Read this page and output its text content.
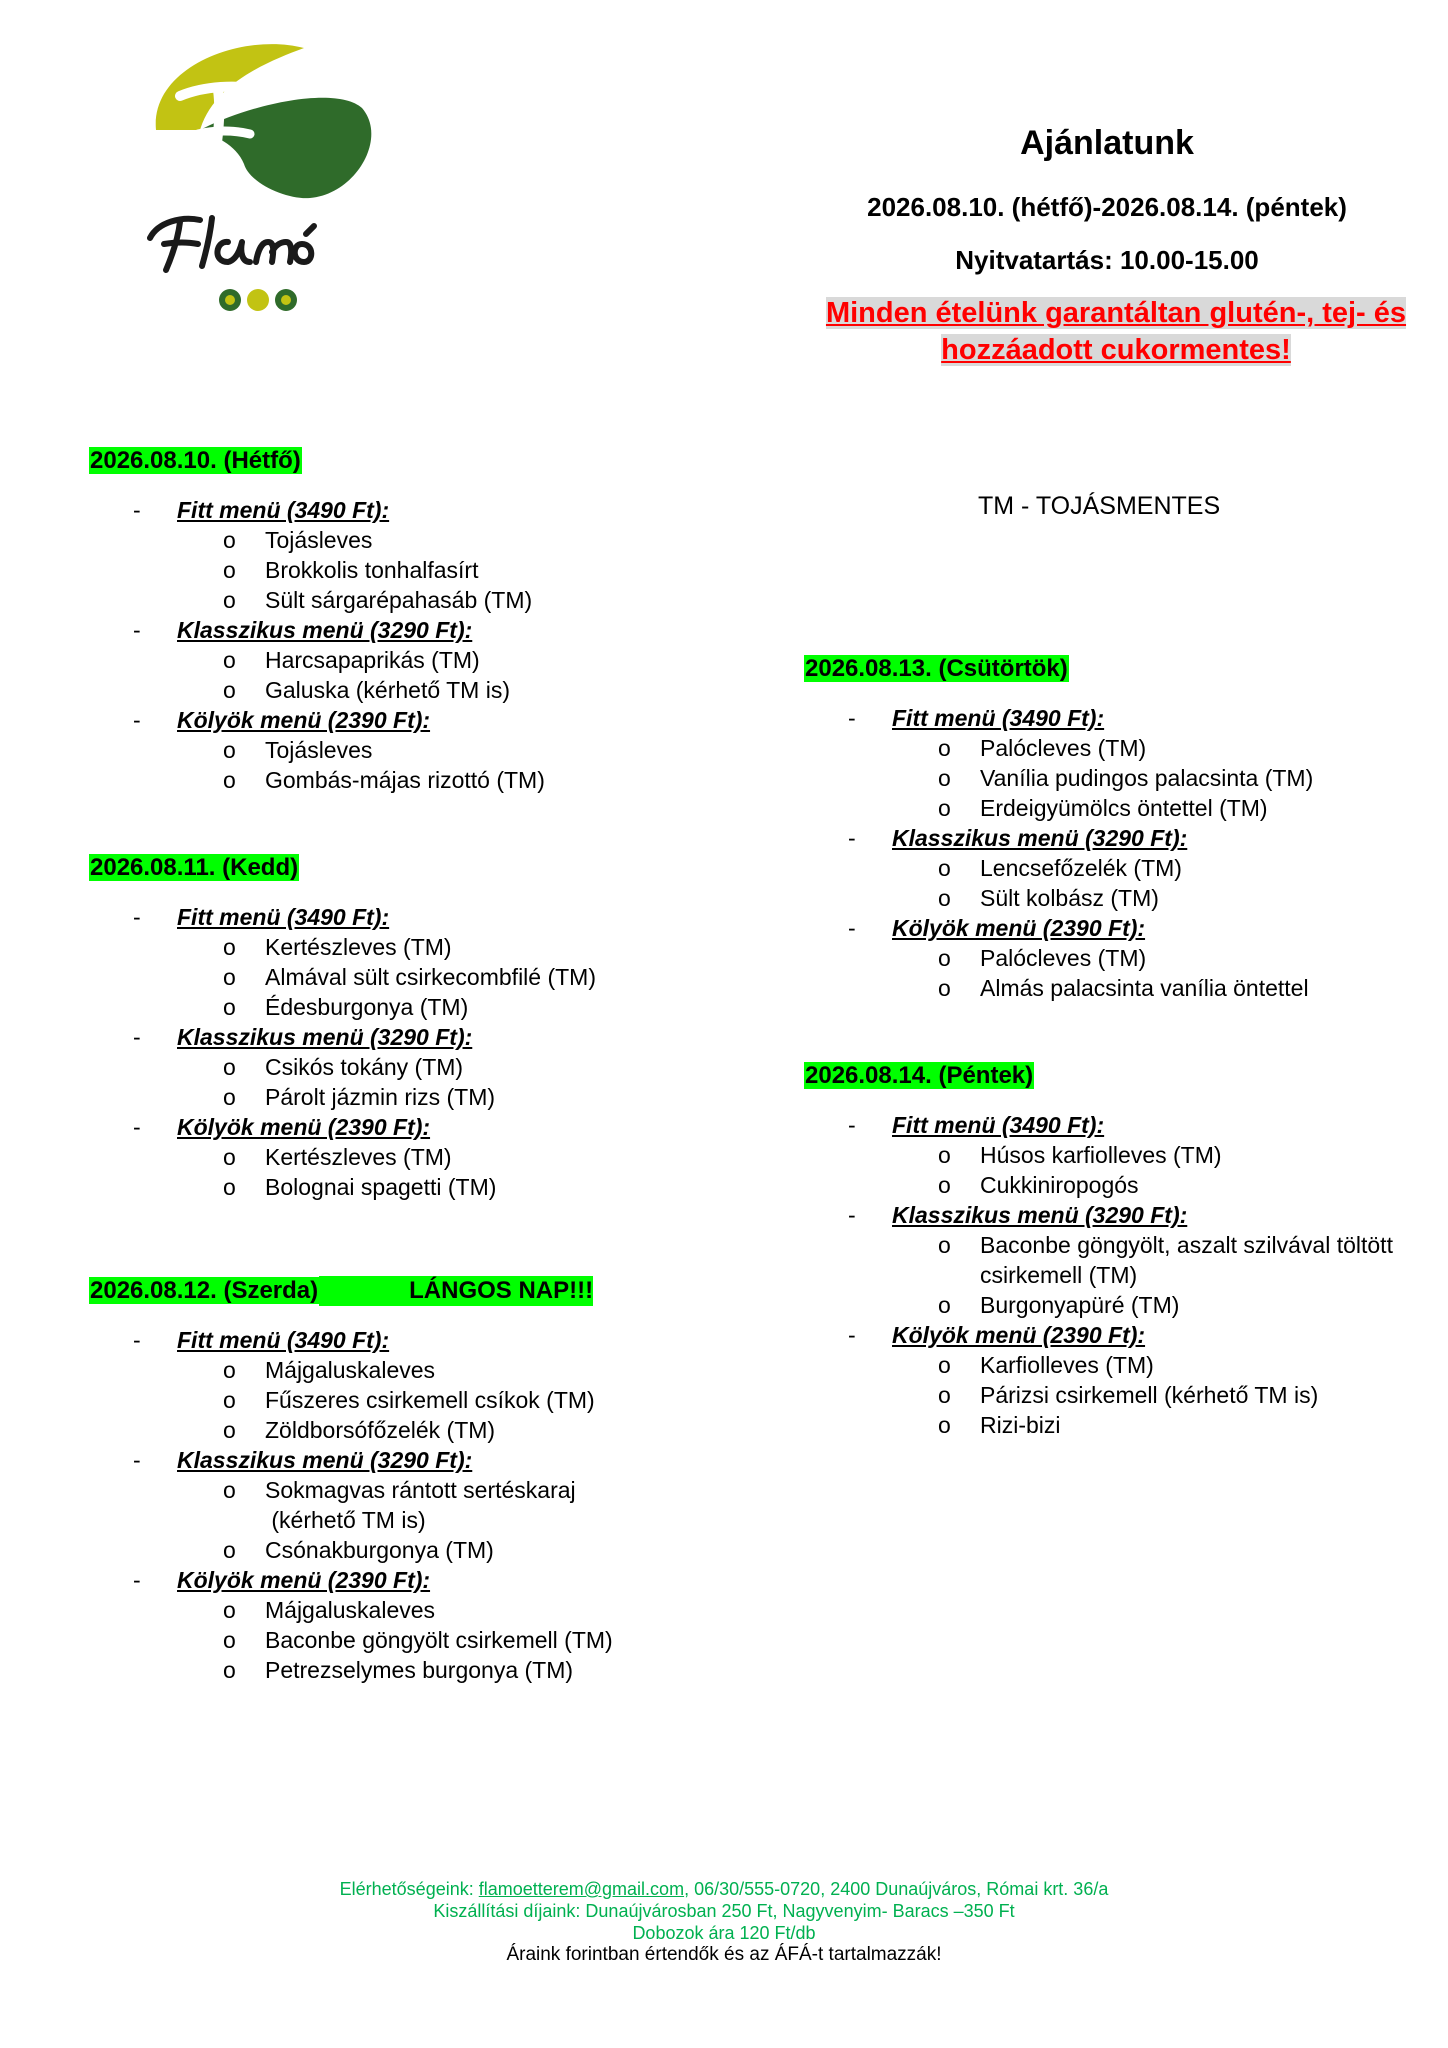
Ajánlatunk
2026.08.10. (hétfő)-2026.08.14. (péntek)
Nyitvatartás: 10.00-15.00
Minden ételünk garantáltan glutén-, tej- és
hozzáadott cukormentes!
TM - TOJÁSMENTES
2026.08.10. (Hétfő)
- Fitt menü (3490 Ft):
o Tojásleves
o Brokkolis tonhalfasírt
o Sült sárgarépahasáb (TM)
- Klasszikus menü (3290 Ft):
o Harcsapaprikás (TM)
o Galuska (kérhető TM is)
- Kölyök menü (2390 Ft):
o Tojásleves
o Gombás-májas rizottó (TM)
2026.08.11. (Kedd)
- Fitt menü (3490 Ft):
o Kertészleves (TM)
o Almával sült csirkecombfilé (TM)
o Édesburgonya (TM)
- Klasszikus menü (3290 Ft):
o Csikós tokány (TM)
o Párolt jázmin rizs (TM)
- Kölyök menü (2390 Ft):
o Kertészleves (TM)
o Bolognai spagetti (TM)
2026.08.12. (Szerda)	LÁNGOS NAP!!!
- Fitt menü (3490 Ft):
o Májgaluskaleves
o Fűszeres csirkemell csíkok (TM)
o Zöldborsófőzelék (TM)
- Klasszikus menü (3290 Ft):
o Sokmagvas rántott sertéskaraj
(kérhető TM is)
o Csónakburgonya (TM)
- Kölyök menü (2390 Ft):
o Májgaluskaleves
o Baconbe göngyölt csirkemell (TM)
o Petrezselymes burgonya (TM)
2026.08.13. (Csütörtök)
- Fitt menü (3490 Ft):
o Palócleves (TM)
o Vanília pudingos palacsinta (TM)
o Erdeigyümölcs öntettel (TM)
- Klasszikus menü (3290 Ft):
o Lencsefőzelék (TM)
o Sült kolbász (TM)
- Kölyök menü (2390 Ft):
o Palócleves (TM)
o Almás palacsinta vanília öntettel
2026.08.14. (Péntek)
- Fitt menü (3490 Ft):
o Húsos karfiolleves (TM)
o Cukkiniropogós
- Klasszikus menü (3290 Ft):
o Baconbe göngyölt, aszalt szilvával töltött csirkemell (TM)
o Burgonyapüré (TM)
- Kölyök menü (2390 Ft):
o Karfiolleves (TM)
o Párizsi csirkemell (kérhető TM is)
o Rizi-bizi
Elérhetőségeink: flamoetterem@gmail.com, 06/30/555-0720, 2400 Dunaújváros, Római krt. 36/a
Kiszállítási díjaink: Dunaújvárosban 250 Ft, Nagyvenyim- Baracs –350 Ft
Dobozok ára 120 Ft/db
Áraink forintban értendők és az ÁFÁ-t tartalmazzák!
